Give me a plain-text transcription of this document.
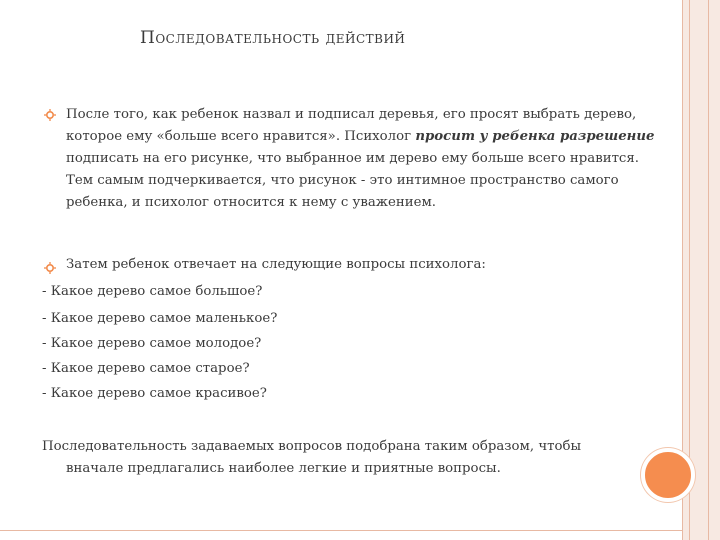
Последовательность действий
После того, как ребенок назвал и подписал деревья, его просят выбрать дерево, которое ему «больше всего нравится». Психолог просит у ребенка разрешение подписать на его рисунке, что выбранное им дерево ему больше всего нравится. Тем самым подчеркивается, что рисунок - это интимное пространство самого ребенка, и психолог относится к нему с уважением.
Затем ребенок отвечает на следующие вопросы психолога:
- Какое дерево самое большое?
- Какое дерево самое маленькое?
- Какое дерево самое молодое?
- Какое дерево самое старое?
- Какое дерево самое красивое?
Последовательность задаваемых вопросов подобрана таким образом, чтобы
вначале предлагались наиболее легкие и приятные вопросы.
